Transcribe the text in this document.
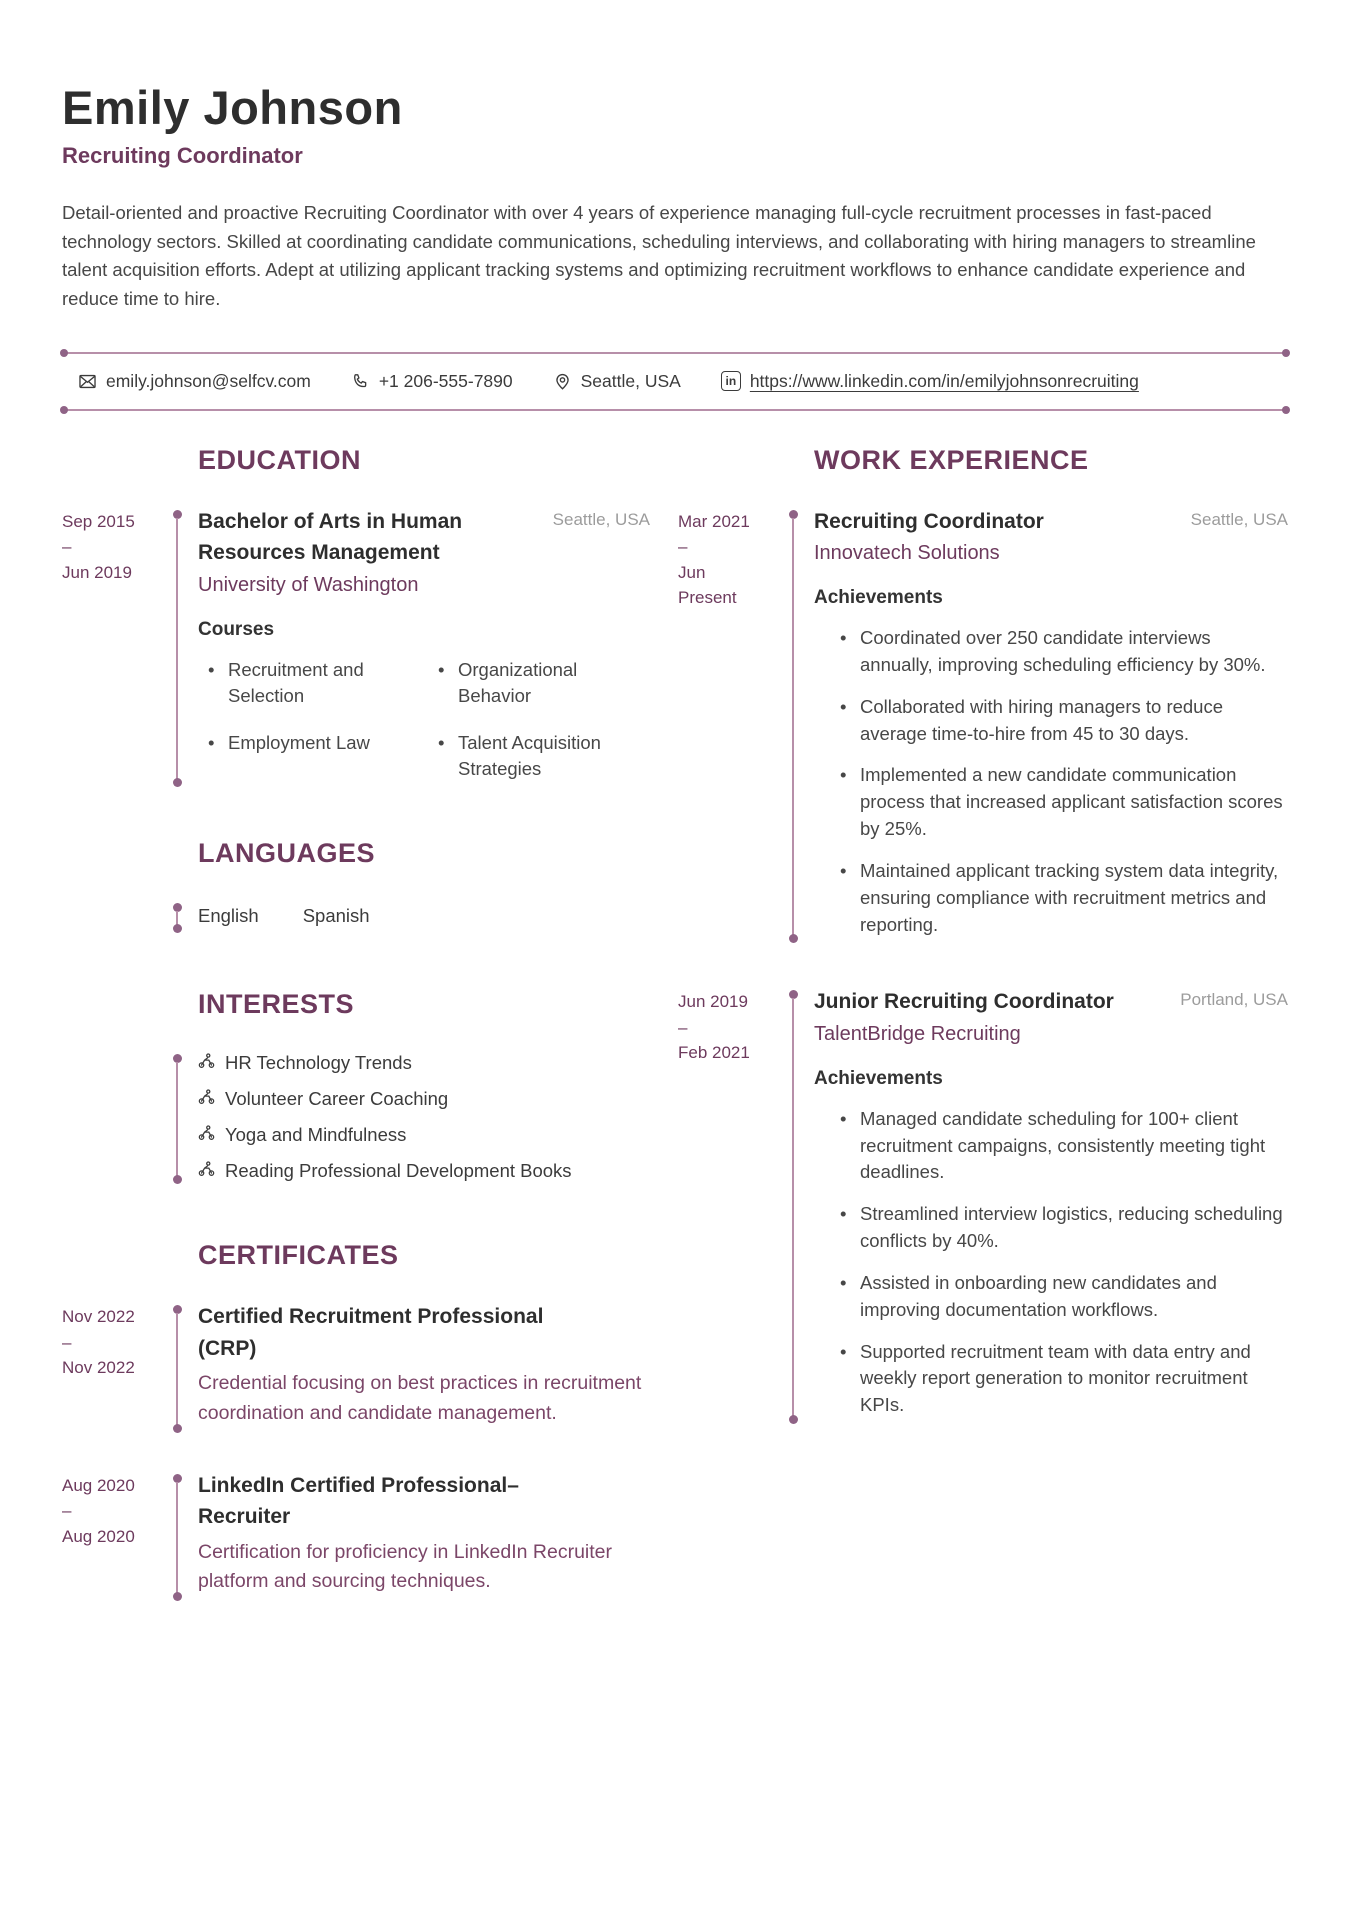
Emily Johnson
Recruiting Coordinator
Detail-oriented and proactive Recruiting Coordinator with over 4 years of experience managing full-cycle recruitment processes in fast-paced technology sectors. Skilled at coordinating candidate communications, scheduling interviews, and collaborating with hiring managers to streamline talent acquisition efforts. Adept at utilizing applicant tracking systems and optimizing recruitment workflows to enhance candidate experience and reduce time to hire.
emily.johnson@selfcv.com	+1 206-555-7890	Seattle, USA	in https://www.linkedin.com/in/emilyjohnsonrecruiting
EDUCATION
Sep 2015
–
Jun 2019
Bachelor of Arts in Human Resources Management
Seattle, USA
University of Washington
Courses
• Recruitment and Selection
• Organizational Behavior
• Employment Law	• Talent Acquisition Strategies
LANGUAGES
English Spanish
INTERESTS
HR Technology Trends
Volunteer Career Coaching
Yoga and Mindfulness
Reading Professional Development Books
CERTIFICATES
Nov 2022
–
Nov 2022
Certified Recruitment Professional (CRP)
Credential focusing on best practices in recruitment coordination and candidate management.
Aug 2020
–
Aug 2020
LinkedIn Certified Professional–Recruiter
Certification for proficiency in LinkedIn Recruiter platform and sourcing techniques.
WORK EXPERIENCE
Mar 2021
–
Jun
Present
Recruiting Coordinator	Seattle, USA
Innovatech Solutions
Achievements
• Coordinated over 250 candidate interviews annually, improving scheduling efficiency by 30%.
• Collaborated with hiring managers to reduce average time-to-hire from 45 to 30 days.
• Implemented a new candidate communication process that increased applicant satisfaction scores by 25%.
• Maintained applicant tracking system data integrity, ensuring compliance with recruitment metrics and reporting.
Jun 2019
–
Feb 2021
Junior Recruiting Coordinator	Portland, USA
TalentBridge Recruiting
Achievements
• Managed candidate scheduling for 100+ client recruitment campaigns, consistently meeting tight deadlines.
• Streamlined interview logistics, reducing scheduling conflicts by 40%.
• Assisted in onboarding new candidates and improving documentation workflows.
• Supported recruitment team with data entry and weekly report generation to monitor recruitment KPIs.
